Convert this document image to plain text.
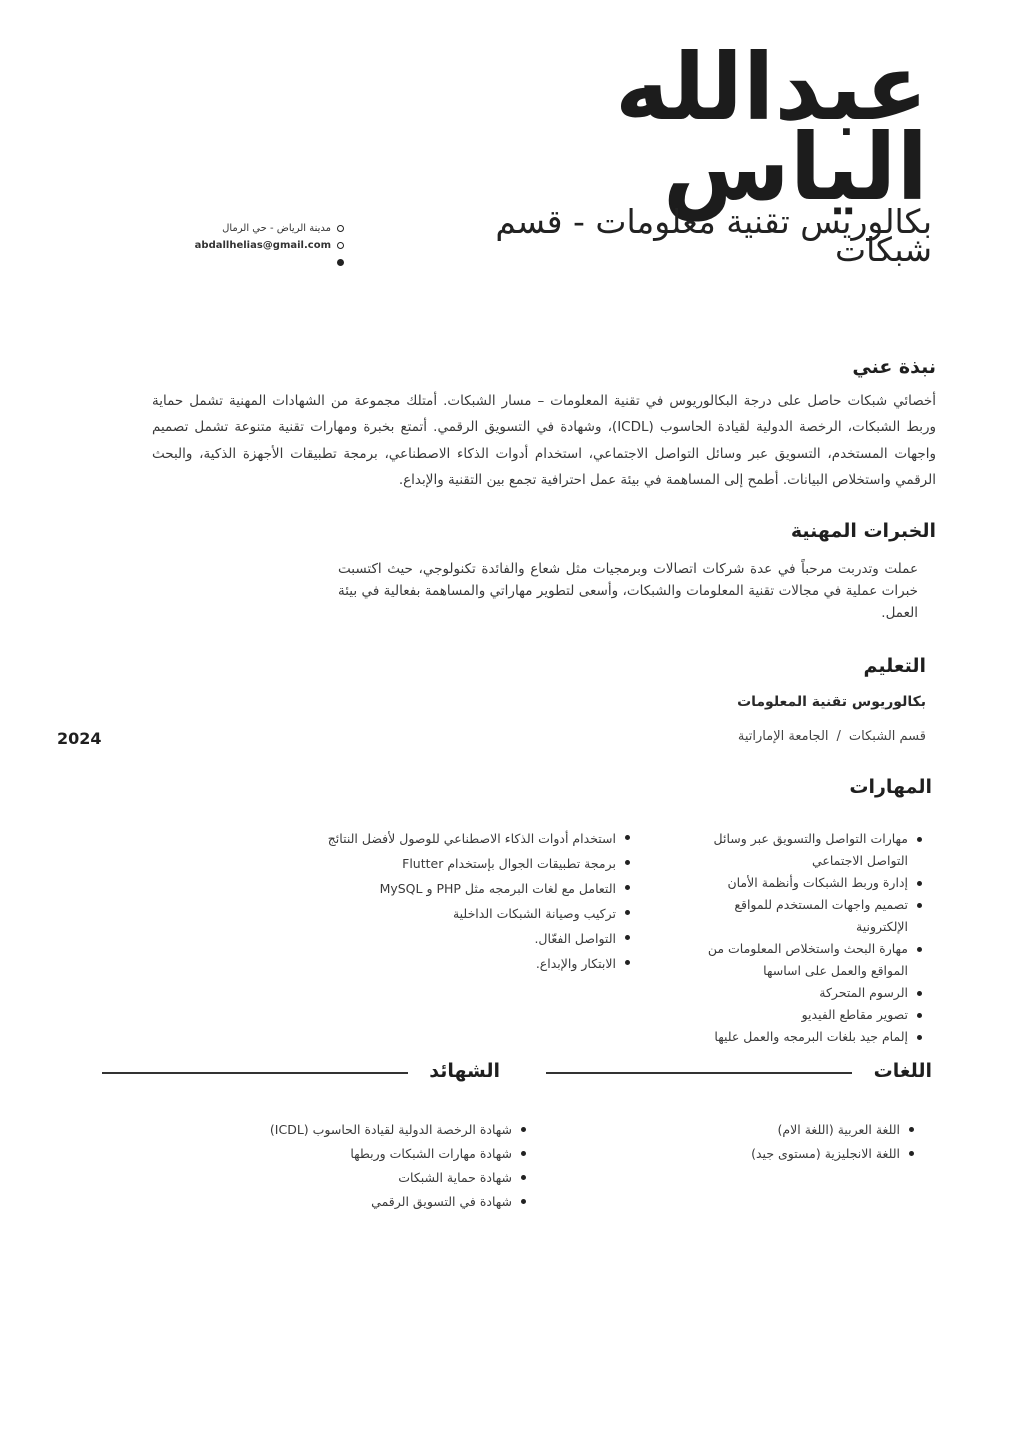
عبدالله
الياس
بكالوريس تقنية معلومات - قسم شبكات
مدينة الرياض - حي الرمال
abdallhelias@gmail.com
نبذة عني
أخصائي شبكات حاصل على درجة البكالوريوس في تقنية المعلومات – مسار الشبكات. أمتلك مجموعة من الشهادات المهنية تشمل حماية وربط الشبكات، الرخصة الدولية لقيادة الحاسوب (ICDL)، وشهادة في التسويق الرقمي. أتمتع بخبرة ومهارات تقنية متنوعة تشمل تصميم واجهات المستخدم، التسويق عبر وسائل التواصل الاجتماعي، استخدام أدوات الذكاء الاصطناعي، برمجة تطبيقات الأجهزة الذكية، والبحث الرقمي واستخلاص البيانات. أطمح إلى المساهمة في بيئة عمل احترافية تجمع بين التقنية والإبداع.
الخبرات المهنية
عملت وتدربت مرحباً في عدة شركات اتصالات وبرمجيات مثل شعاع والفائدة تكنولوجي، حيث اكتسبت خبرات عملية في مجالات تقنية المعلومات والشبكات، وأسعى لتطوير مهاراتي والمساهمة بفعالية في بيئة العمل.
التعليم
بكالوريوس تقنية المعلومات
قسم الشبكات/الجامعة الإماراتية
2024
المهارات
مهارات التواصل والتسويق عبر وسائل التواصل الاجتماعي
إدارة وربط الشبكات وأنظمة الأمان
تصميم واجهات المستخدم للمواقع الإلكترونية
مهارة البحث واستخلاص المعلومات من المواقع والعمل على اساسها
الرسوم المتحركة
تصوير مقاطع الفيديو
إلمام جيد بلغات البرمجه والعمل عليها
استخدام أدوات الذكاء الاصطناعي للوصول لأفضل النتائج
برمجة تطبيقات الجوال بإستخدام Flutter
التعامل مع لغات البرمجه مثل PHP و MySQL
تركيب وصيانة الشبكات الداخلية
التواصل الفعّال.
الابتكار والإبداع.
اللغات
اللغة العربية (اللغة الام)
اللغة الانجليزية (مستوى جيد)
الشهائد
شهادة الرخصة الدولية لقيادة الحاسوب (ICDL)
شهادة مهارات الشبكات وربطها
شهادة حماية الشبكات
شهادة في التسويق الرقمي
